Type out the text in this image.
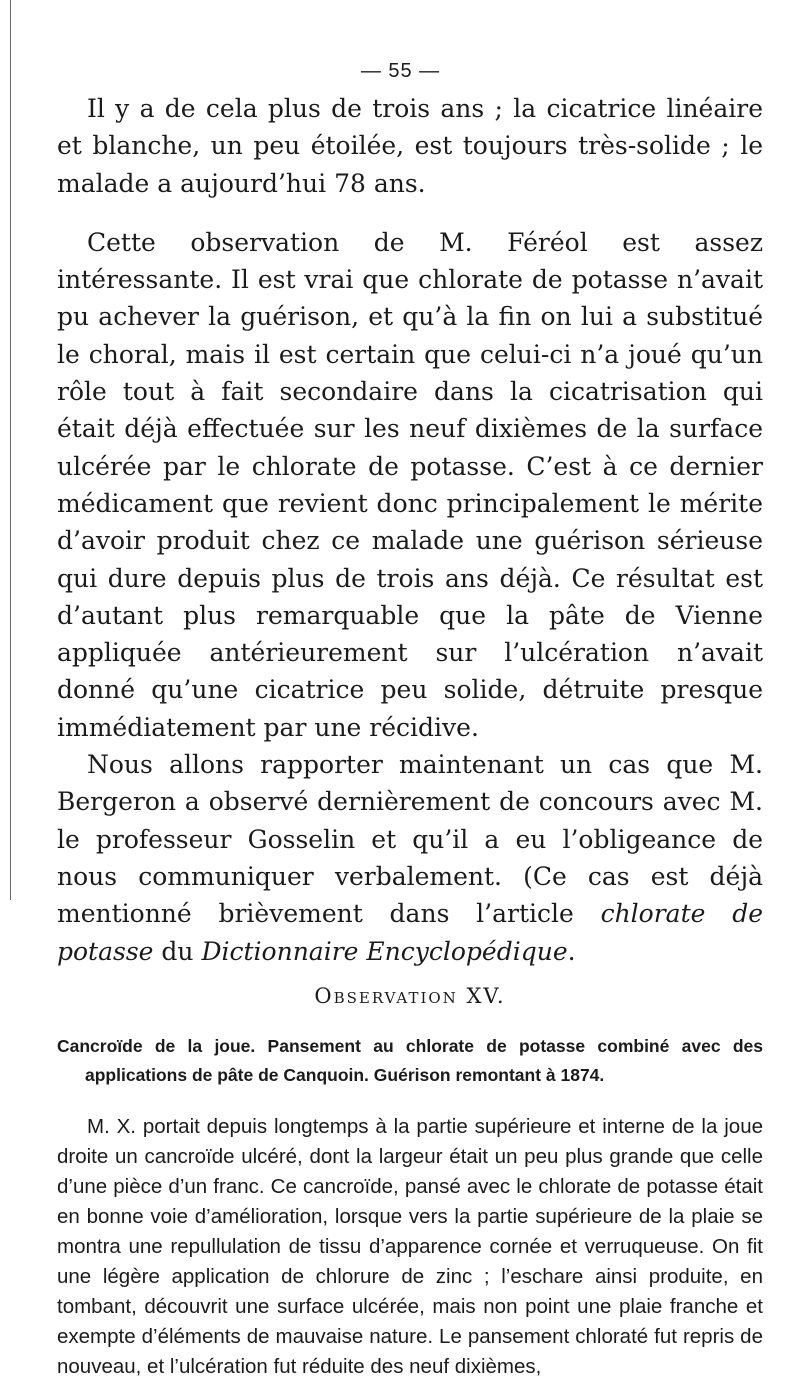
— 55 —

Il y a de cela plus de trois ans ; la cicatrice linéaire et blanche, un peu étoilée, est toujours très-solide ; le malade a aujourd’hui 78 ans.

Cette observation de M. Féréol est assez intéressante. Il est vrai que chlorate de potasse n’avait pu achever la guérison, et qu’à la fin on lui a substitué le choral, mais il est certain que celui-ci n’a joué qu’un rôle tout à fait secondaire dans la cicatrisation qui était déjà effectuée sur les neuf dixièmes de la surface ulcérée par le chlorate de potasse. C’est à ce dernier médicament que revient donc principalement le mérite d’avoir produit chez ce malade une guérison sérieuse qui dure depuis plus de trois ans déjà. Ce résultat est d’autant plus remarquable que la pâte de Vienne appliquée antérieurement sur l’ulcération n’avait donné qu’une cicatrice peu solide, détruite presque immédiatement par une récidive.

Nous allons rapporter maintenant un cas que M. Bergeron a observé dernièrement de concours avec M. le professeur Gosselin et qu’il a eu l’obligeance de nous communiquer verbalement. (Ce cas est déjà mentionné brièvement dans l’article chlorate de potasse du Dictionnaire Encyclopédique.

Observation XV.

Cancroïde de la joue. Pansement au chlorate de potasse combiné avec des applications de pâte de Canquoin. Guérison remontant à 1874.

M. X. portait depuis longtemps à la partie supérieure et interne de la joue droite un cancroïde ulcéré, dont la largeur était un peu plus grande que celle d’une pièce d’un franc. Ce cancroïde, pansé avec le chlorate de potasse était en bonne voie d’amélioration, lorsque vers la partie supérieure de la plaie se montra une repullulation de tissu d’apparence cornée et verruqueuse. On fit une légère application de chlorure de zinc ; l’eschare ainsi produite, en tombant, découvrit une surface ulcérée, mais non point une plaie franche et exempte d’éléments de mauvaise nature. Le pansement chloraté fut repris de nouveau, et l’ulcération fut réduite des neuf dixièmes,
